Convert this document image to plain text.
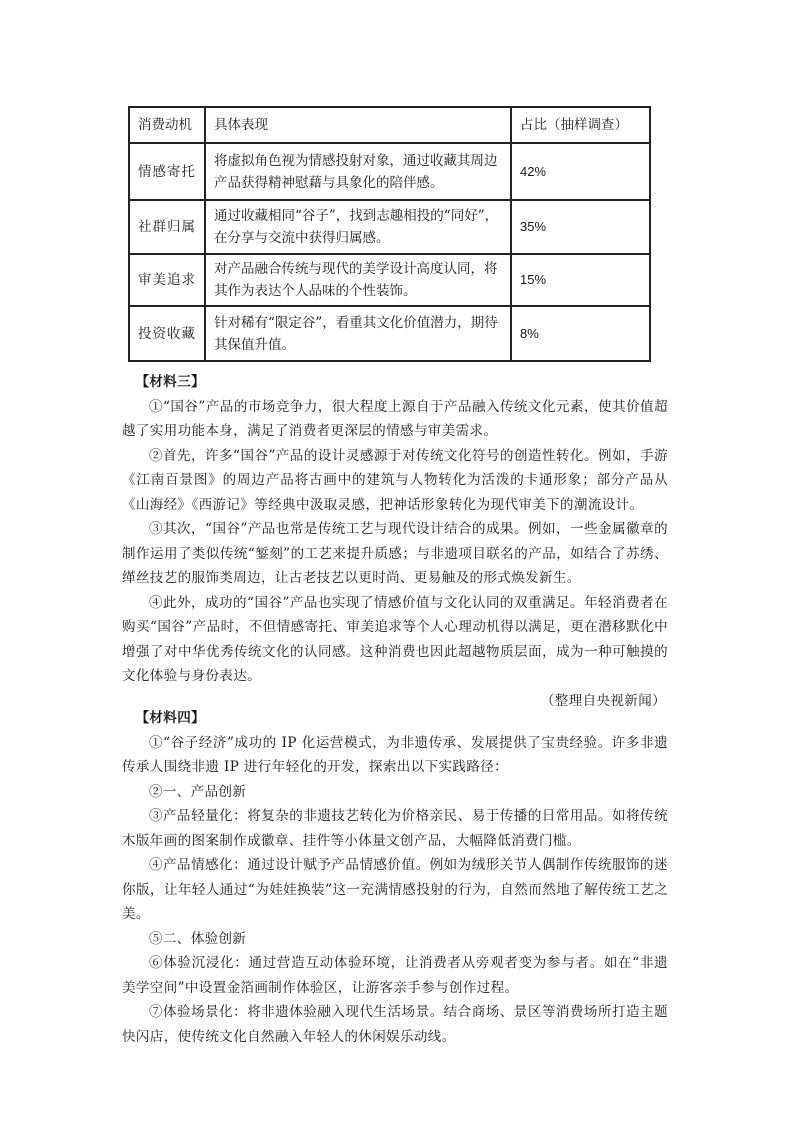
消费动机	具体表现	占比（抽样调查）
情感寄托	将虚拟角色视为情感投射对象，通过收藏其周边产品获得精神慰藉与具象化的陪伴感。	42%
社群归属	通过收藏相同“谷子”，找到志趣相投的“同好”，在分享与交流中获得归属感。	35%
审美追求	对产品融合传统与现代的美学设计高度认同，将其作为表达个人品味的个性装饰。	15%
投资收藏	针对稀有“限定谷”，看重其文化价值潜力，期待其保值升值。	8%

【材料三】

①“国谷”产品的市场竞争力，很大程度上源自于产品融入传统文化元素，使其价值超越了实用功能本身，满足了消费者更深层的情感与审美需求。

②首先，许多“国谷”产品的设计灵感源于对传统文化符号的创造性转化。例如，手游《江南百景图》的周边产品将古画中的建筑与人物转化为活泼的卡通形象；部分产品从《山海经》《西游记》等经典中汲取灵感，把神话形象转化为现代审美下的潮流设计。

③其次，“国谷”产品也常是传统工艺与现代设计结合的成果。例如，一些金属徽章的制作运用了类似传统“錾刻”的工艺来提升质感；与非遗项目联名的产品，如结合了苏绣、缂丝技艺的服饰类周边，让古老技艺以更时尚、更易触及的形式焕发新生。

④此外，成功的“国谷”产品也实现了情感价值与文化认同的双重满足。年轻消费者在购买“国谷”产品时，不但情感寄托、审美追求等个人心理动机得以满足，更在潜移默化中增强了对中华优秀传统文化的认同感。这种消费也因此超越物质层面，成为一种可触摸的文化体验与身份表达。

（整理自央视新闻）

【材料四】

①“谷子经济”成功的 IP 化运营模式，为非遗传承、发展提供了宝贵经验。许多非遗传承人围绕非遗 IP 进行年轻化的开发，探索出以下实践路径：

②一、产品创新

③产品轻量化：将复杂的非遗技艺转化为价格亲民、易于传播的日常用品。如将传统木版年画的图案制作成徽章、挂件等小体量文创产品，大幅降低消费门槛。

④产品情感化：通过设计赋予产品情感价值。例如为绒形关节人偶制作传统服饰的迷你版，让年轻人通过“为娃娃换装”这一充满情感投射的行为，自然而然地了解传统工艺之美。

⑤二、体验创新

⑥体验沉浸化：通过营造互动体验环境，让消费者从旁观者变为参与者。如在“非遗美学空间”中设置金箔画制作体验区，让游客亲手参与创作过程。

⑦体验场景化：将非遗体验融入现代生活场景。结合商场、景区等消费场所打造主题快闪店，使传统文化自然融入年轻人的休闲娱乐动线。
